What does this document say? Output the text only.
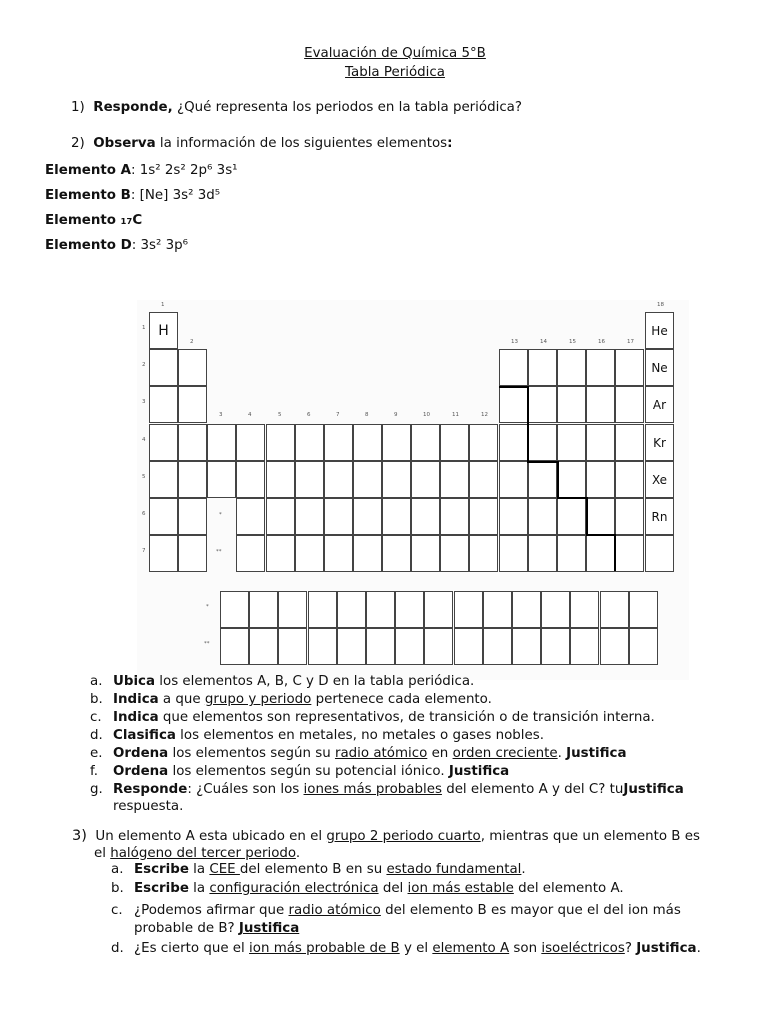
Evaluación de Química 5°B
Tabla Periódica
1) Responde, ¿Qué representa los periodos en la tabla periódica?
2) Observa la información de los siguientes elementos:
Elemento A: 1s² 2s² 2p⁶ 3s¹
Elemento B: [Ne] 3s² 3d⁵
Elemento ₁₇C
Elemento D: 3s² 3p⁶
1
2
3	4	5	6	7	8	9	10	11	12
13	14	15	16	17
18
1
2
3
4
5
6
7
H	He
Ne
Ar
Kr
Xe
Rn
*
**
*
**
a. Ubica los elementos A, B, C y D en la tabla periódica.
b. Indica a que grupo y periodo pertenece cada elemento.
c. Indica que elementos son representativos, de transición o de transición interna.
d. Clasifica los elementos en metales, no metales o gases nobles.
e. Ordena los elementos según su radio atómico en orden creciente. Justifica
f. Ordena los elementos según su potencial iónico. Justifica
g. Responde: ¿Cuáles son los iones más probables del elemento A y del C? tuJustifica
respuesta.
3) Un elemento A esta ubicado en el grupo 2 periodo cuarto, mientras que un elemento B es
el halógeno del tercer periodo.
a. Escribe la CEE del elemento B en su estado fundamental.
b. Escribe la configuración electrónica del ion más estable del elemento A.
c. ¿Podemos afirmar que radio atómico del elemento B es mayor que el del ion más
probable de B? Justifica
d. ¿Es cierto que el ion más probable de B y el elemento A son isoeléctricos? Justifica.
